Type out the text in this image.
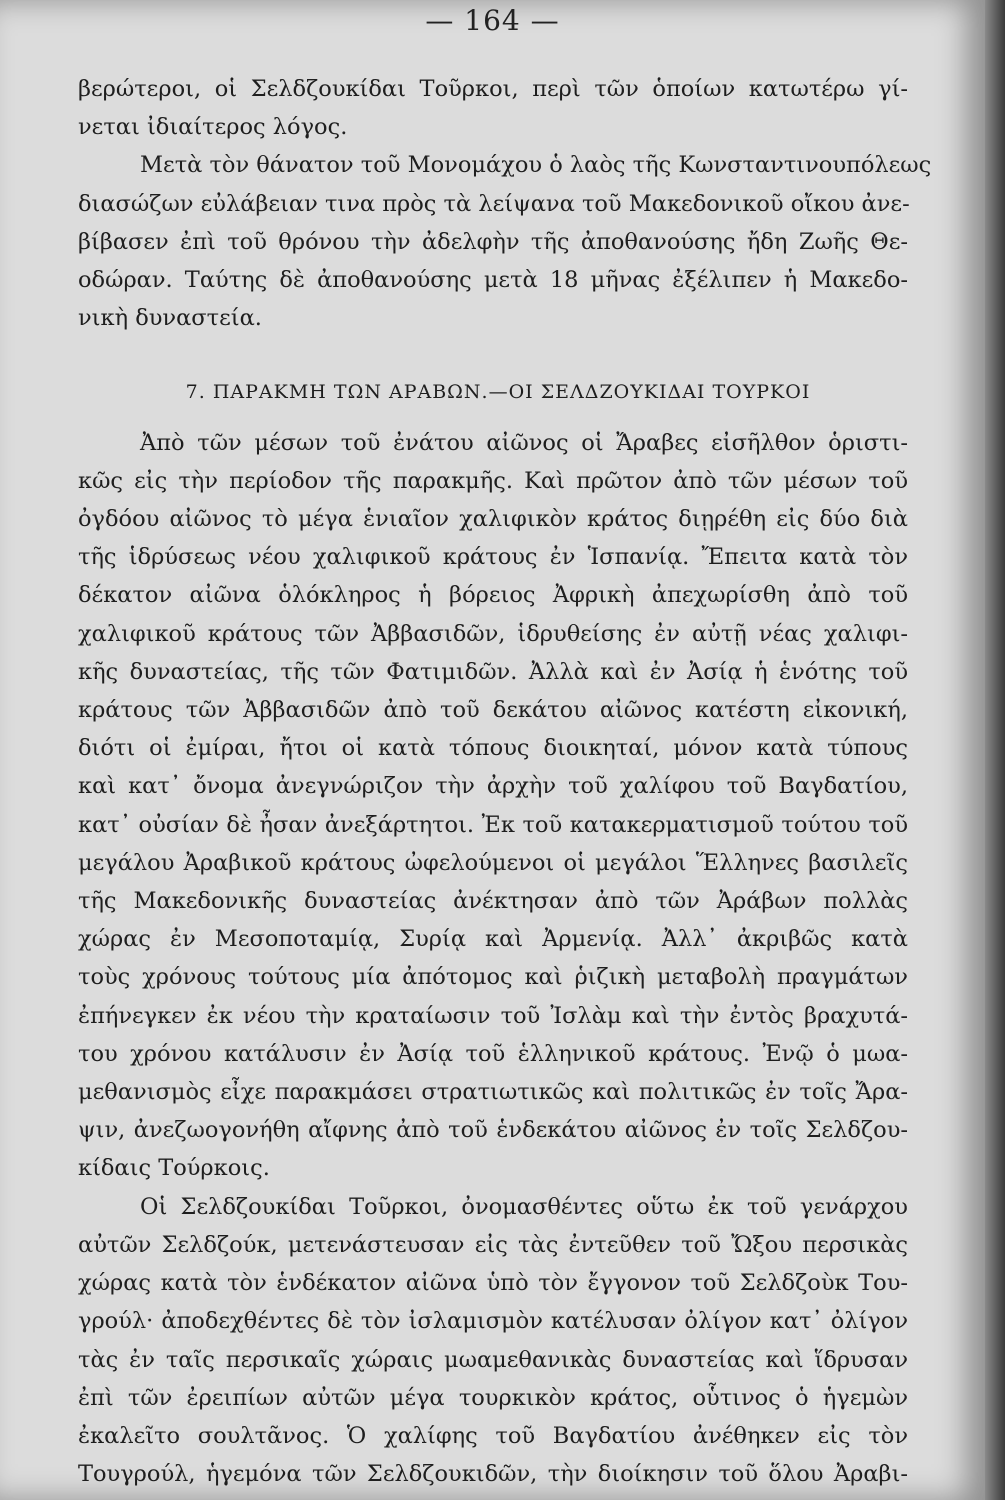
— 164 —
βερώτεροι, οἱ Σελδζουκίδαι Τοῦρκοι, περὶ τῶν ὁποίων κατωτέρω γί-
νεται ἰδιαίτερος λόγος.
Μετὰ τὸν θάνατον τοῦ Μονομάχου ὁ λαὸς τῆς Κωνσταντινουπόλεως
διασώζων εὐλάβειαν τινα πρὸς τὰ λείψανα τοῦ Μακεδονικοῦ οἴκου ἀνε-
βίβασεν ἐπὶ τοῦ θρόνου τὴν ἀδελφὴν τῆς ἀποθανούσης ἤδη Ζωῆς Θε-
οδώραν. Ταύτης δὲ ἀποθανούσης μετὰ 18 μῆνας ἐξέλιπεν ἡ Μακεδο-
νικὴ δυναστεία.
7. ΠΑΡΑΚΜΗ ΤΩΝ ΑΡΑΒΩΝ.—ΟΙ ΣΕΛΔΖΟΥΚΙΔΑΙ ΤΟΥΡΚΟΙ
Ἀπὸ τῶν μέσων τοῦ ἐνάτου αἰῶνος οἱ Ἄραβες εἰσῆλθον ὁριστι-
κῶς εἰς τὴν περίοδον τῆς παρακμῆς. Καὶ πρῶτον ἀπὸ τῶν μέσων τοῦ
ὀγδόου αἰῶνος τὸ μέγα ἑνιαῖον χαλιφικὸν κράτος διῃρέθη εἰς δύο διὰ
τῆς ἱδρύσεως νέου χαλιφικοῦ κράτους ἐν Ἱσπανίᾳ. Ἔπειτα κατὰ τὸν
δέκατον αἰῶνα ὁλόκληρος ἡ βόρειος Ἀφρικὴ ἀπεχωρίσθη ἀπὸ τοῦ
χαλιφικοῦ κράτους τῶν Ἀββασιδῶν, ἱδρυθείσης ἐν αὐτῇ νέας χαλιφι-
κῆς δυναστείας, τῆς τῶν Φατιμιδῶν. Ἀλλὰ καὶ ἐν Ἀσίᾳ ἡ ἑνότης τοῦ
κράτους τῶν Ἀββασιδῶν ἀπὸ τοῦ δεκάτου αἰῶνος κατέστη εἰκονική,
διότι οἱ ἐμίραι, ἤτοι οἱ κατὰ τόπους διοικηταί, μόνον κατὰ τύπους
καὶ κατ᾽ ὄνομα ἀνεγνώριζον τὴν ἀρχὴν τοῦ χαλίφου τοῦ Βαγδατίου,
κατ᾽ οὐσίαν δὲ ἦσαν ἀνεξάρτητοι. Ἐκ τοῦ κατακερματισμοῦ τούτου τοῦ
μεγάλου Ἀραβικοῦ κράτους ὠφελούμενοι οἱ μεγάλοι Ἕλληνες βασιλεῖς
τῆς Μακεδονικῆς δυναστείας ἀνέκτησαν ἀπὸ τῶν Ἀράβων πολλὰς
χώρας ἐν Μεσοποταμίᾳ, Συρίᾳ καὶ Ἀρμενίᾳ. Ἀλλ᾽ ἀκριβῶς κατὰ
τοὺς χρόνους τούτους μία ἀπότομος καὶ ῥιζικὴ μεταβολὴ πραγμάτων
ἐπήνεγκεν ἐκ νέου τὴν κραταίωσιν τοῦ Ἰσλὰμ καὶ τὴν ἐντὸς βραχυτά-
του χρόνου κατάλυσιν ἐν Ἀσίᾳ τοῦ ἑλληνικοῦ κράτους. Ἐνῷ ὁ μωα-
μεθανισμὸς εἶχε παρακμάσει στρατιωτικῶς καὶ πολιτικῶς ἐν τοῖς Ἄρα-
ψιν, ἀνεζωογονήθη αἴφνης ἀπὸ τοῦ ἑνδεκάτου αἰῶνος ἐν τοῖς Σελδζου-
κίδαις Τούρκοις.
Οἱ Σελδζουκίδαι Τοῦρκοι, ὀνομασθέντες οὕτω ἐκ τοῦ γενάρχου
αὐτῶν Σελδζούκ, μετενάστευσαν εἰς τὰς ἐντεῦθεν τοῦ Ὤξου περσικὰς
χώρας κατὰ τὸν ἑνδέκατον αἰῶνα ὑπὸ τὸν ἔγγονον τοῦ Σελδζοὺκ Του-
γρούλ· ἀποδεχθέντες δὲ τὸν ἰσλαμισμὸν κατέλυσαν ὀλίγον κατ᾽ ὀλίγον
τὰς ἐν ταῖς περσικαῖς χώραις μωαμεθανικὰς δυναστείας καὶ ἵδρυσαν
ἐπὶ τῶν ἐρειπίων αὐτῶν μέγα τουρκικὸν κράτος, οὗτινος ὁ ἡγεμὼν
ἐκαλεῖτο σουλτᾶνος. Ὁ χαλίφης τοῦ Βαγδατίου ἀνέθηκεν εἰς τὸν
Τουγρούλ, ἡγεμόνα τῶν Σελδζουκιδῶν, τὴν διοίκησιν τοῦ ὅλου Ἀραβι-
